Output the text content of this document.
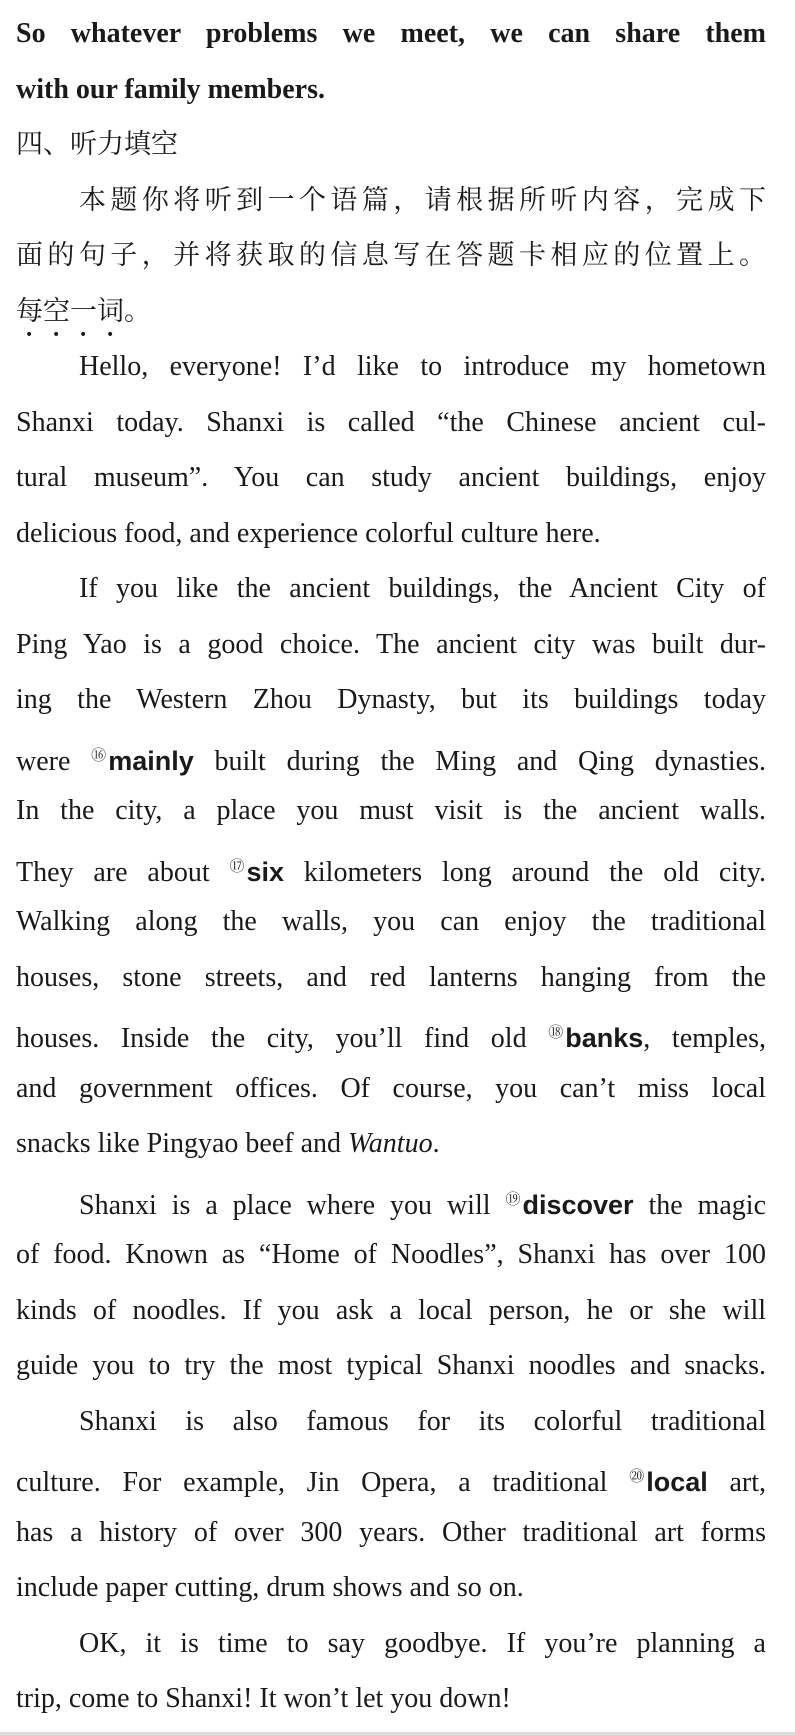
So whatever problems we meet, we can share them
with our family members.
四、听力填空
本题你将听到一个语篇，请根据所听内容，完成下
面的句子，并将获取的信息写在答题卡相应的位置上。
每空一词。
Hello, everyone! I’d like to introduce my hometown
Shanxi today. Shanxi is called “the Chinese ancient cul-
tural museum”. You can study ancient buildings, enjoy
delicious food, and experience colorful culture here.
If you like the ancient buildings, the Ancient City of
Ping Yao is a good choice. The ancient city was built dur-
ing the Western Zhou Dynasty, but its buildings today
were ⑯mainly built during the Ming and Qing dynasties.
In the city, a place you must visit is the ancient walls.
They are about ⑰six kilometers long around the old city.
Walking along the walls, you can enjoy the traditional
houses, stone streets, and red lanterns hanging from the
houses. Inside the city, you’ll find old ⑱banks, temples,
and government offices. Of course, you can’t miss local
snacks like Pingyao beef and Wantuo.
Shanxi is a place where you will ⑲discover the magic
of food. Known as “Home of Noodles”, Shanxi has over 100
kinds of noodles. If you ask a local person, he or she will
guide you to try the most typical Shanxi noodles and snacks.
Shanxi is also famous for its colorful traditional
culture. For example, Jin Opera, a traditional ⑳local art,
has a history of over 300 years. Other traditional art forms
include paper cutting, drum shows and so on.
OK, it is time to say goodbye. If you’re planning a
trip, come to Shanxi! It won’t let you down!
